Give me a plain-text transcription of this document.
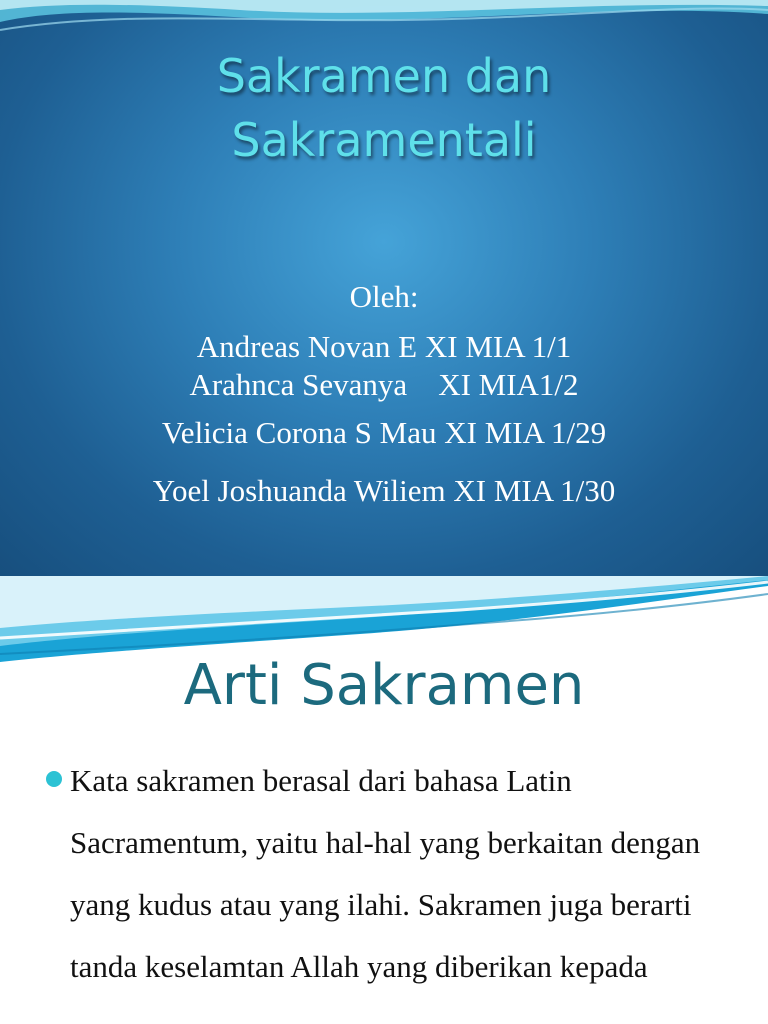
Sakramen dan
Sakramentali
Oleh:
Andreas Novan E XI MIA 1/1
Arahnca Sevanya    XI MIA1/2
Velicia Corona S Mau XI MIA 1/29
Yoel Joshuanda Wiliem XI MIA 1/30
Arti Sakramen
Kata sakramen berasal dari bahasa Latin Sacramentum, yaitu hal-hal yang berkaitan dengan yang kudus atau yang ilahi. Sakramen juga berarti tanda keselamtan Allah yang diberikan kepada
